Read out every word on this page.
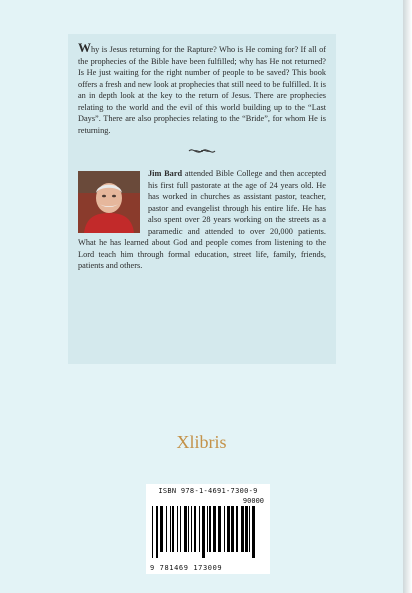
Why is Jesus returning for the Rapture? Who is He coming for? If all of the prophecies of the Bible have been fulfilled; why has He not returned? Is He just waiting for the right number of people to be saved? This book offers a fresh and new look at prophecies that still need to be fulfilled. It is an in depth look at the key to the return of Jesus. There are prophecies relating to the world and the evil of this world building up to the “Last Days”. There are also prophecies relating to the “Bride”, for whom He is returning.

Jim Bard attended Bible College and then accepted his first full pastorate at the age of 24 years old. He has worked in churches as assistant pastor, teacher, pastor and evangelist through his entire life. He has also spent over 28 years working on the streets as a paramedic and attended to over 20,000 patients. What he has learned about God and people comes from listening to the Lord teach him through formal education, street life, family, friends, patients and others.

Xlibris
ISBN 978-1-4691-7300-9
90000
9 781469 173009
